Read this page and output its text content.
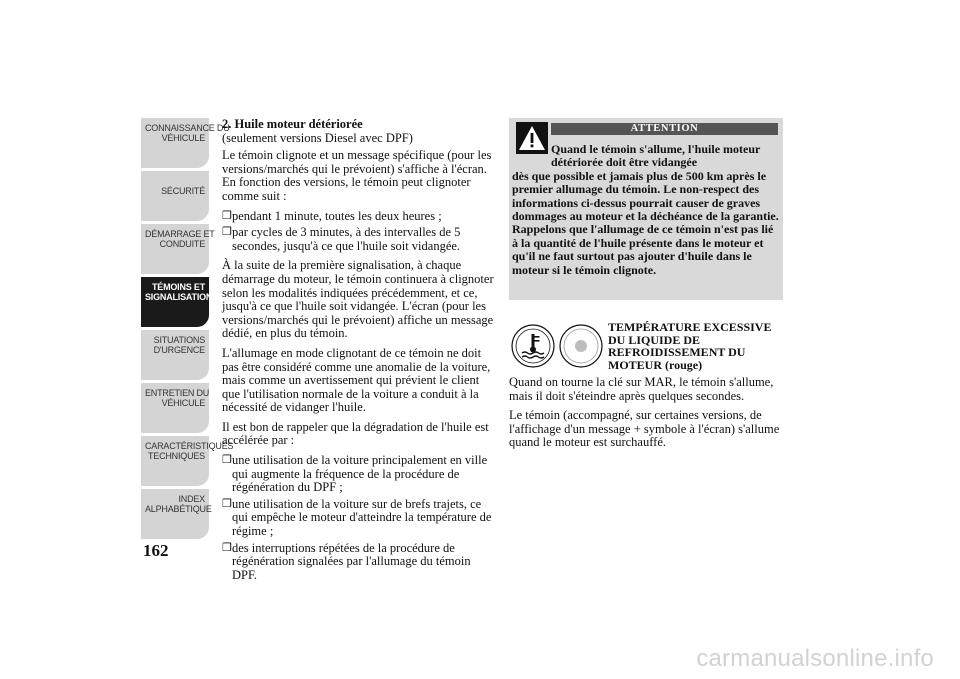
CONNAISSANCE DU
VÉHICULE
SÉCURITÉ
DÉMARRAGE ET
CONDUITE
TÉMOINS ET
SIGNALISATION
SITUATIONS
D'URGENCE
ENTRETIEN DU
VÉHICULE
CARACTÉRISTIQUES
TECHNIQUES
INDEX
ALPHABÉTIQUE
162
2. Huile moteur détériorée

(seulement versions Diesel avec DPF)

Le témoin clignote et un message spécifique (pour les versions/marchés qui le prévoient) s'affiche à l'écran. En fonction des versions, le témoin peut clignoter comme suit :

❒ pendant 1 minute, toutes les deux heures ;
❒ par cycles de 3 minutes, à des intervalles de 5 secondes, jusqu'à ce que l'huile soit vidangée.

À la suite de la première signalisation, à chaque démarrage du moteur, le témoin continuera à clignoter selon les modalités indiquées précédemment, et ce, jusqu'à ce que l'huile soit vidangée. L'écran (pour les versions/marchés qui le prévoient) affiche un message dédié, en plus du témoin.

L'allumage en mode clignotant de ce témoin ne doit pas être considéré comme une anomalie de la voiture, mais comme un avertissement qui prévient le client que l'utilisation normale de la voiture a conduit à la nécessité de vidanger l'huile.

Il est bon de rappeler que la dégradation de l'huile est accélérée par :

❒ une utilisation de la voiture principalement en ville qui augmente la fréquence de la procédure de régénération du DPF ;
❒ une utilisation de la voiture sur de brefs trajets, ce qui empêche le moteur d'atteindre la température de régime ;
❒ des interruptions répétées de la procédure de régénération signalées par l'allumage du témoin DPF.
ATTENTION
Quand le témoin s'allume, l'huile moteur détériorée doit être vidangée
dès que possible et jamais plus de 500 km après le premier allumage du témoin. Le non-respect des informations ci-dessus pourrait causer de graves dommages au moteur et la déchéance de la garantie. Rappelons que l'allumage de ce témoin n'est pas lié à la quantité de l'huile présente dans le moteur et qu'il ne faut surtout pas ajouter d'huile dans le moteur si le témoin clignote.
TEMPÉRATURE EXCESSIVE DU LIQUIDE DE REFROIDISSEMENT DU MOTEUR (rouge)

Quand on tourne la clé sur MAR, le témoin s'allume, mais il doit s'éteindre après quelques secondes.

Le témoin (accompagné, sur certaines versions, de l'affichage d'un message + symbole à l'écran) s'allume quand le moteur est surchauffé.

carmanualsonline.info
